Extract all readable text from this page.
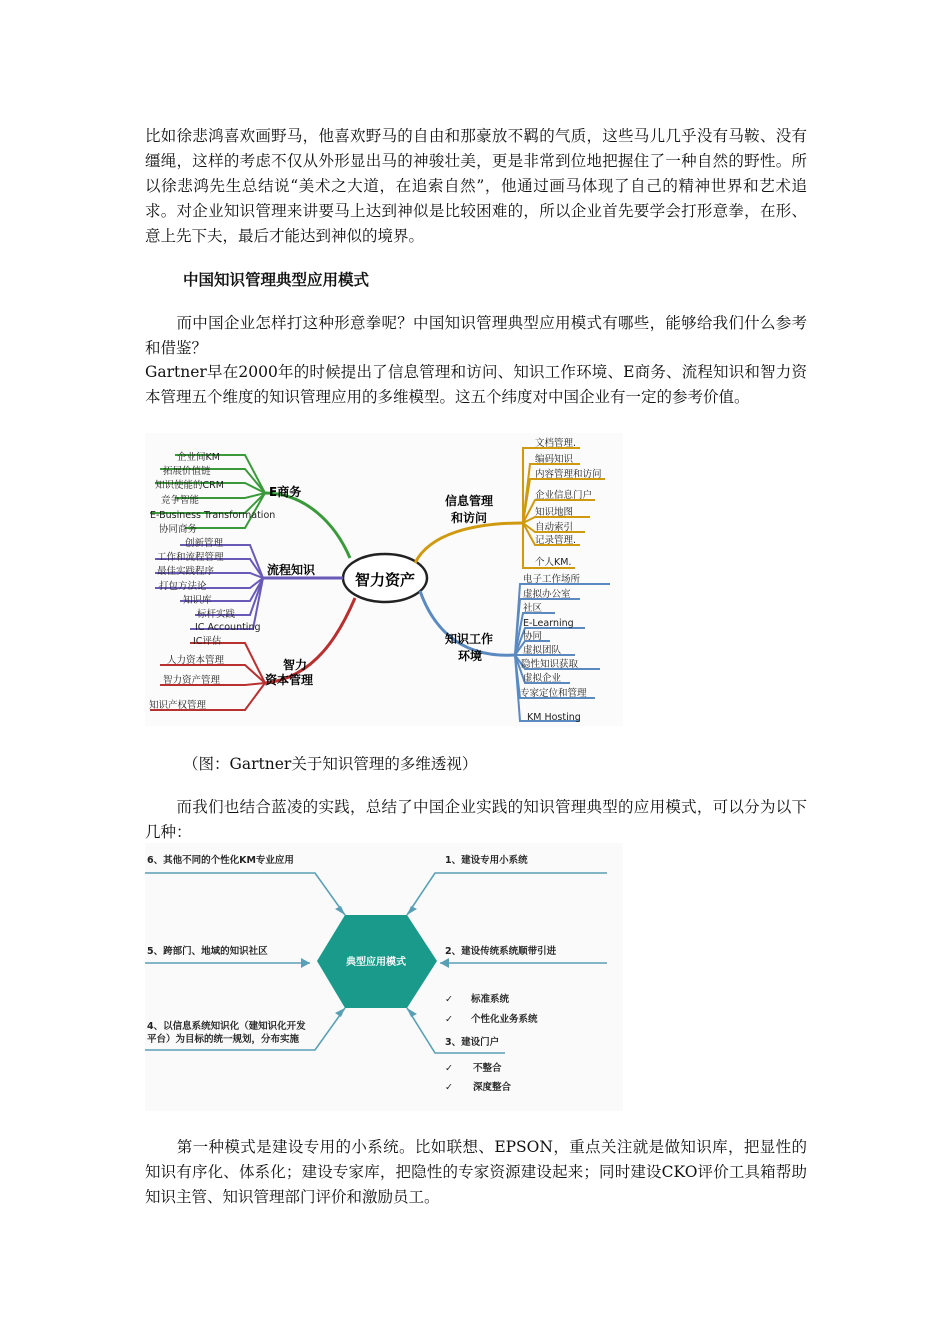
比如徐悲鸿喜欢画野马，他喜欢野马的自由和那豪放不羁的气质，这些马儿几乎没有马鞍、没有缰绳，这样的考虑不仅从外形显出马的神骏壮美，更是非常到位地把握住了一种自然的野性。所以徐悲鸿先生总结说“美术之大道，在追索自然”，他通过画马体现了自己的精神世界和艺术追求。对企业知识管理来讲要马上达到神似是比较困难的，所以企业首先要学会打形意拳，在形、意上先下夫，最后才能达到神似的境界。

中国知识管理典型应用模式

　　而中国企业怎样打这种形意拳呢？中国知识管理典型应用模式有哪些，能够给我们什么参考和借鉴？

Gartner早在2000年的时候提出了信息管理和访问、知识工作环境、E商务、流程知识和智力资本管理五个维度的知识管理应用的多维模型。这五个纬度对中国企业有一定的参考价值。

智力资产
E商务
企业间KM
拓展价值链
知识使能的CRM
竞争智能
E-Business Transformation
协同商务
流程知识
创新管理
工作和流程管理
最佳实践程序
打包方法论
知识库
标杆实践
IC Accounting
智力
资本管理
IC评估
人力资本管理
智力资产管理
知识产权管理
信息管理
和访问
文档管理.
编码知识
内容管理和访问
企业信息门户
知识地图
自动索引
记录管理.
个人KM.
知识工作
环境
电子工作场所
虚拟办公室
社区
E-Learning
协同
虚拟团队
隐性知识获取
虚拟企业
专家定位和管理
KM Hosting
（图：Gartner关于知识管理的多维透视）

　　而我们也结合蓝凌的实践，总结了中国企业实践的知识管理典型的应用模式，可以分为以下几种：

典型应用模式
6、其他不同的个性化KM专业应用
5、跨部门、地域的知识社区
4、以信息系统知识化（建知识化开发
平台）为目标的统一规划，分布实施
1、建设专用小系统
2、建设传统系统顺带引进
3、建设门户
✓ 标准系统
✓ 个性化业务系统
✓ 不整合
✓ 深度整合

　　第一种模式是建设专用的小系统。比如联想、EPSON，重点关注就是做知识库，把显性的知识有序化、体系化；建设专家库，把隐性的专家资源建设起来；同时建设CKO评价工具箱帮助知识主管、知识管理部门评价和激励员工。
